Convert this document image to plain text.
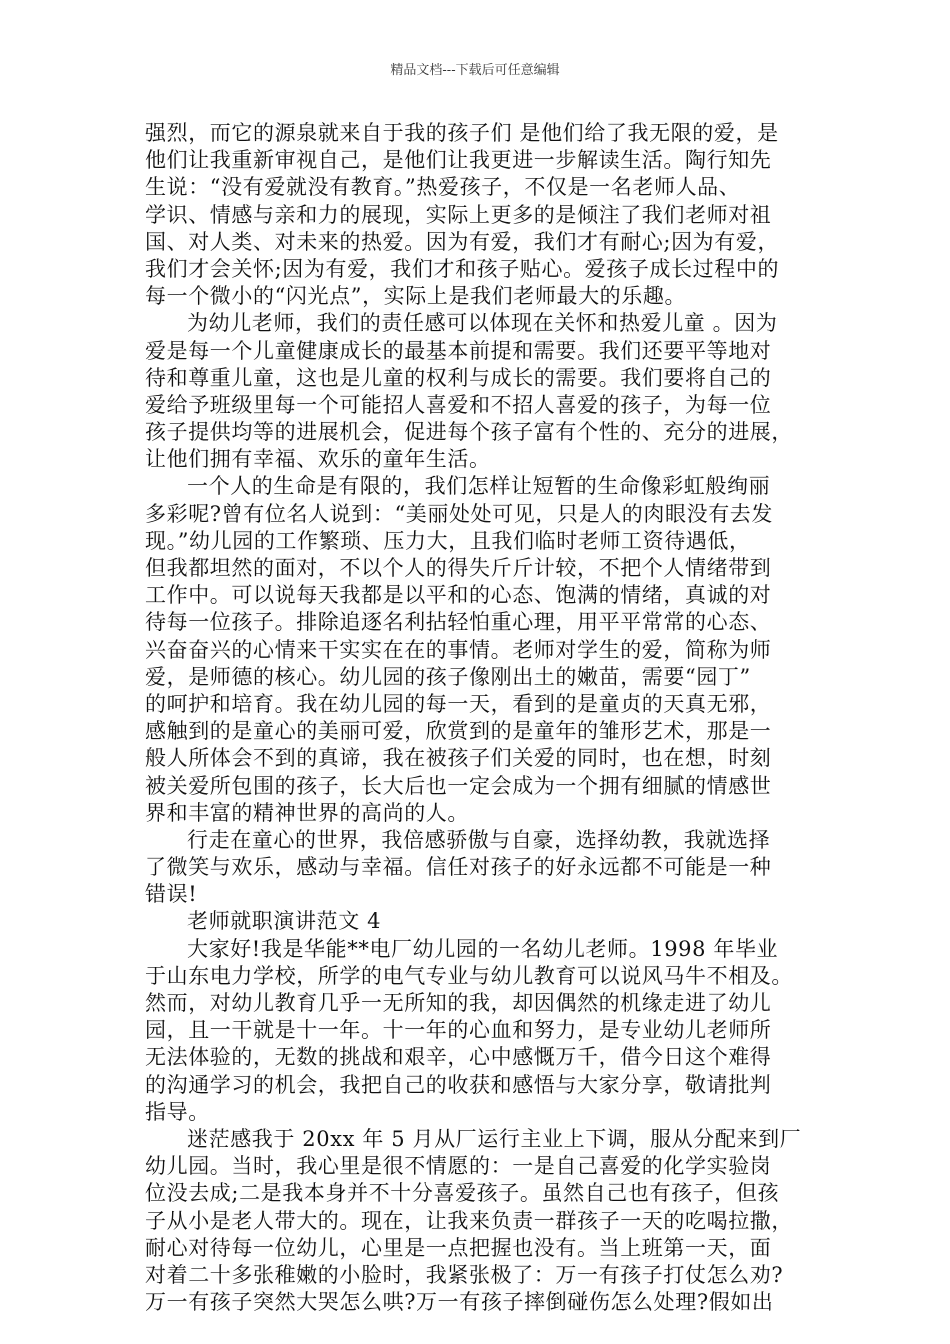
精品文档---下载后可任意编辑
强烈，而它的源泉就来自于我的孩子们 是他们给了我无限的爱，是
他们让我重新审视自己，是他们让我更进一步解读生活。陶行知先
生说：“没有爱就没有教育。”热爱孩子，不仅是一名老师人品、
学识、情感与亲和力的展现，实际上更多的是倾注了我们老师对祖
国、对人类、对未来的热爱。因为有爱，我们才有耐心;因为有爱，
我们才会关怀;因为有爱，我们才和孩子贴心。爱孩子成长过程中的
每一个微小的“闪光点”，实际上是我们老师最大的乐趣。
为幼儿老师，我们的责任感可以体现在关怀和热爱儿童 。因为
爱是每一个儿童健康成长的最基本前提和需要。我们还要平等地对
待和尊重儿童，这也是儿童的权利与成长的需要。我们要将自己的
爱给予班级里每一个可能招人喜爱和不招人喜爱的孩子，为每一位
孩子提供均等的进展机会，促进每个孩子富有个性的、充分的进展，
让他们拥有幸福、欢乐的童年生活。
一个人的生命是有限的，我们怎样让短暂的生命像彩虹般绚丽
多彩呢?曾有位名人说到：“美丽处处可见，只是人的肉眼没有去发
现。”幼儿园的工作繁琐、压力大，且我们临时老师工资待遇低，
但我都坦然的面对，不以个人的得失斤斤计较，不把个人情绪带到
工作中。可以说每天我都是以平和的心态、饱满的情绪，真诚的对
待每一位孩子。排除追逐名利拈轻怕重心理，用平平常常的心态、
兴奋奋兴的心情来干实实在在的事情。老师对学生的爱，简称为师
爱，是师德的核心。幼儿园的孩子像刚出土的嫩苗，需要“园丁”
的呵护和培育。我在幼儿园的每一天，看到的是童贞的天真无邪，
感触到的是童心的美丽可爱，欣赏到的是童年的雏形艺术，那是一
般人所体会不到的真谛，我在被孩子们关爱的同时，也在想，时刻
被关爱所包围的孩子，长大后也一定会成为一个拥有细腻的情感世
界和丰富的精神世界的高尚的人。
行走在童心的世界，我倍感骄傲与自豪，选择幼教，我就选择
了微笑与欢乐，感动与幸福。信任对孩子的好永远都不可能是一种
错误!
老师就职演讲范文 4
大家好!我是华能**电厂幼儿园的一名幼儿老师。1998 年毕业
于山东电力学校，所学的电气专业与幼儿教育可以说风马牛不相及。
然而，对幼儿教育几乎一无所知的我，却因偶然的机缘走进了幼儿
园，且一干就是十一年。十一年的心血和努力，是专业幼儿老师所
无法体验的，无数的挑战和艰辛，心中感慨万千，借今日这个难得
的沟通学习的机会，我把自己的收获和感悟与大家分享，敬请批判
指导。
迷茫感我于 20xx 年 5 月从厂运行主业上下调，服从分配来到厂
幼儿园。当时，我心里是很不情愿的：一是自己喜爱的化学实验岗
位没去成;二是我本身并不十分喜爱孩子。虽然自己也有孩子，但孩
子从小是老人带大的。现在，让我来负责一群孩子一天的吃喝拉撒，
耐心对待每一位幼儿，心里是一点把握也没有。当上班第一天，面
对着二十多张稚嫩的小脸时，我紧张极了：万一有孩子打仗怎么劝?
万一有孩子突然大哭怎么哄?万一有孩子摔倒碰伤怎么处理?假如出
